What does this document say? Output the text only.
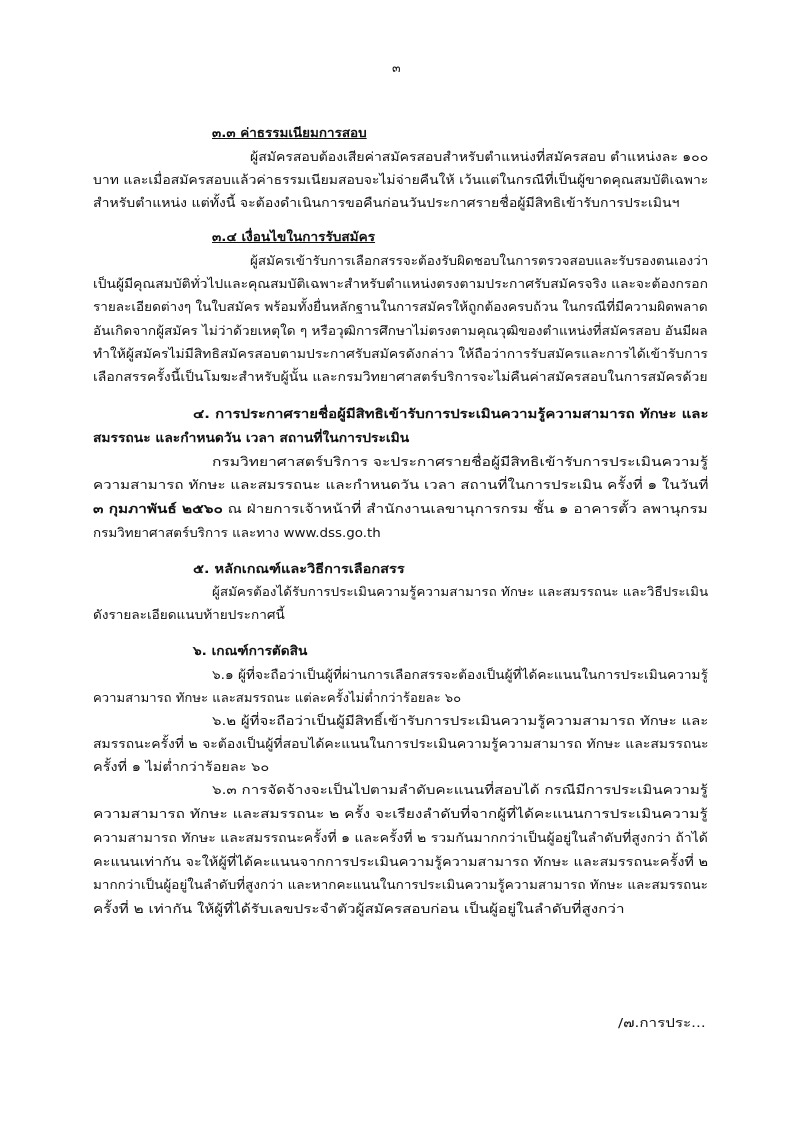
๓
๓.๓ ค่าธรรมเนียมการสอบ
ผู้สมัครสอบต้องเสียค่าสมัครสอบสำหรับตำแหน่งที่สมัครสอบ ตำแหน่งละ ๑๐๐
บาท และเมื่อสมัครสอบแล้วค่าธรรมเนียมสอบจะไม่จ่ายคืนให้ เว้นแต่ในกรณีที่เป็นผู้ขาดคุณสมบัติเฉพาะ
สำหรับตำแหน่ง แต่ทั้งนี้ จะต้องดำเนินการขอคืนก่อนวันประกาศรายชื่อผู้มีสิทธิเข้ารับการประเมินฯ
๓.๔ เงื่อนไขในการรับสมัคร
ผู้สมัครเข้ารับการเลือกสรรจะต้องรับผิดชอบในการตรวจสอบและรับรองตนเองว่า
เป็นผู้มีคุณสมบัติทั่วไปและคุณสมบัติเฉพาะสำหรับตำแหน่งตรงตามประกาศรับสมัครจริง และจะต้องกรอก
รายละเอียดต่างๆ ในใบสมัคร พร้อมทั้งยื่นหลักฐานในการสมัครให้ถูกต้องครบถ้วน ในกรณีที่มีความผิดพลาด
อันเกิดจากผู้สมัคร ไม่ว่าด้วยเหตุใด ๆ หรือวุฒิการศึกษาไม่ตรงตามคุณวุฒิของตำแหน่งที่สมัครสอบ อันมีผล
ทำให้ผู้สมัครไม่มีสิทธิสมัครสอบตามประกาศรับสมัครดังกล่าว ให้ถือว่าการรับสมัครและการได้เข้ารับการ
เลือกสรรครั้งนี้เป็นโมฆะสำหรับผู้นั้น และกรมวิทยาศาสตร์บริการจะไม่คืนค่าสมัครสอบในการสมัครด้วย
๔. การประกาศรายชื่อผู้มีสิทธิเข้ารับการประเมินความรู้ความสามารถ ทักษะ และ
สมรรถนะ และกำหนดวัน เวลา สถานที่ในการประเมิน
กรมวิทยาศาสตร์บริการ จะประกาศรายชื่อผู้มีสิทธิเข้ารับการประเมินความรู้
ความสามารถ ทักษะ และสมรรถนะ และกำหนดวัน เวลา สถานที่ในการประเมิน ครั้งที่ ๑ ในวันที่
๓ กุมภาพันธ์ ๒๕๖๐ ณ ฝ่ายการเจ้าหน้าที่ สำนักงานเลขานุการกรม ชั้น ๑ อาคารตั้ว ลพานุกรม
กรมวิทยาศาสตร์บริการ และทาง www.dss.go.th
๕. หลักเกณฑ์และวิธีการเลือกสรร
ผู้สมัครต้องได้รับการประเมินความรู้ความสามารถ ทักษะ และสมรรถนะ และวิธีประเมิน
ดังรายละเอียดแนบท้ายประกาศนี้
๖. เกณฑ์การตัดสิน
๖.๑ ผู้ที่จะถือว่าเป็นผู้ที่ผ่านการเลือกสรรจะต้องเป็นผู้ที่ได้คะแนนในการประเมินความรู้
ความสามารถ ทักษะ และสมรรถนะ แต่ละครั้งไม่ต่ำกว่าร้อยละ ๖๐
๖.๒ ผู้ที่จะถือว่าเป็นผู้มีสิทธิ์เข้ารับการประเมินความรู้ความสามารถ ทักษะ และ
สมรรถนะครั้งที่ ๒ จะต้องเป็นผู้ที่สอบได้คะแนนในการประเมินความรู้ความสามารถ ทักษะ และสมรรถนะ
ครั้งที่ ๑ ไม่ต่ำกว่าร้อยละ ๖๐
๖.๓ การจัดจ้างจะเป็นไปตามลำดับคะแนนที่สอบได้ กรณีมีการประเมินความรู้
ความสามารถ ทักษะ และสมรรถนะ ๒ ครั้ง จะเรียงลำดับที่จากผู้ที่ได้คะแนนการประเมินความรู้
ความสามารถ ทักษะ และสมรรถนะครั้งที่ ๑ และครั้งที่ ๒ รวมกันมากกว่าเป็นผู้อยู่ในลำดับที่สูงกว่า ถ้าได้
คะแนนเท่ากัน จะให้ผู้ที่ได้คะแนนจากการประเมินความรู้ความสามารถ ทักษะ และสมรรถนะครั้งที่ ๒
มากกว่าเป็นผู้อยู่ในลำดับที่สูงกว่า และหากคะแนนในการประเมินความรู้ความสามารถ ทักษะ และสมรรถนะ
ครั้งที่ ๒ เท่ากัน ให้ผู้ที่ได้รับเลขประจำตัวผู้สมัครสอบก่อน เป็นผู้อยู่ในลำดับที่สูงกว่า
/๗.การประ...
